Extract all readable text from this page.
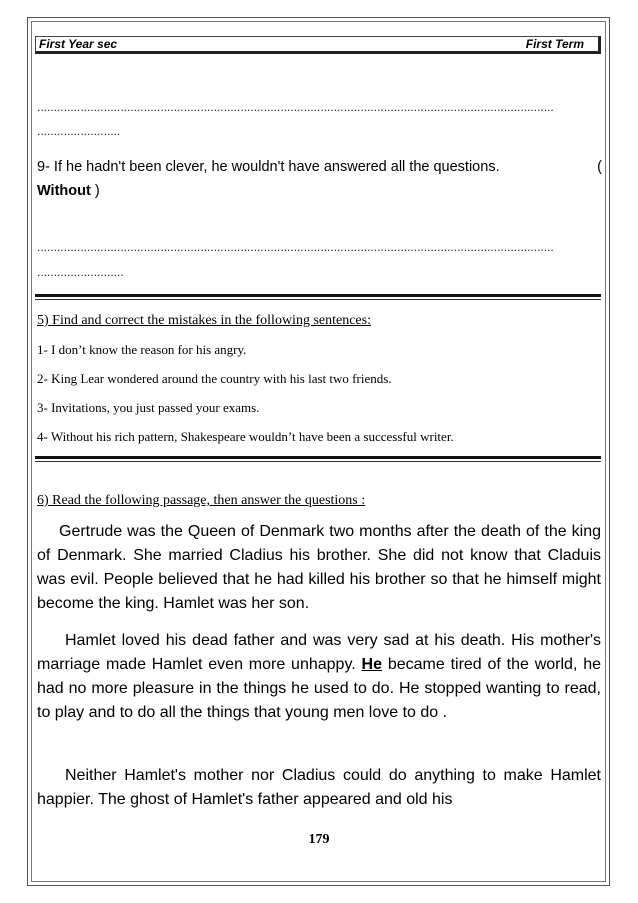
First Year sec	First Term
...........................................................................................................................................................
.........................
9- If he hadn't been clever, he wouldn't have answered all the questions.	(

Without )
...........................................................................................................................................................
..........................
5) Find and correct the mistakes in the following sentences:
1- I don’t know the reason for his angry.
2- King Lear wondered around the country with his last two friends.
3- Invitations, you just passed your exams.
4- Without his rich pattern, Shakespeare wouldn’t have been a successful writer.
6) Read the following passage, then answer the questions :
Gertrude was the Queen of Denmark two months after the death of the king of Denmark. She married Cladius his brother. She did not know that Claduis was evil. People believed that he had killed his brother so that he himself might become the king. Hamlet was her son.
Hamlet loved his dead father and was very sad at his death. His mother's marriage made Hamlet even more unhappy. He became tired of the world, he had no more pleasure in the things he used to do. He stopped wanting to read, to play and to do all the things that young men love to do .
Neither Hamlet's mother nor Cladius could do anything to make Hamlet happier. The ghost of Hamlet's father appeared and old his
179
